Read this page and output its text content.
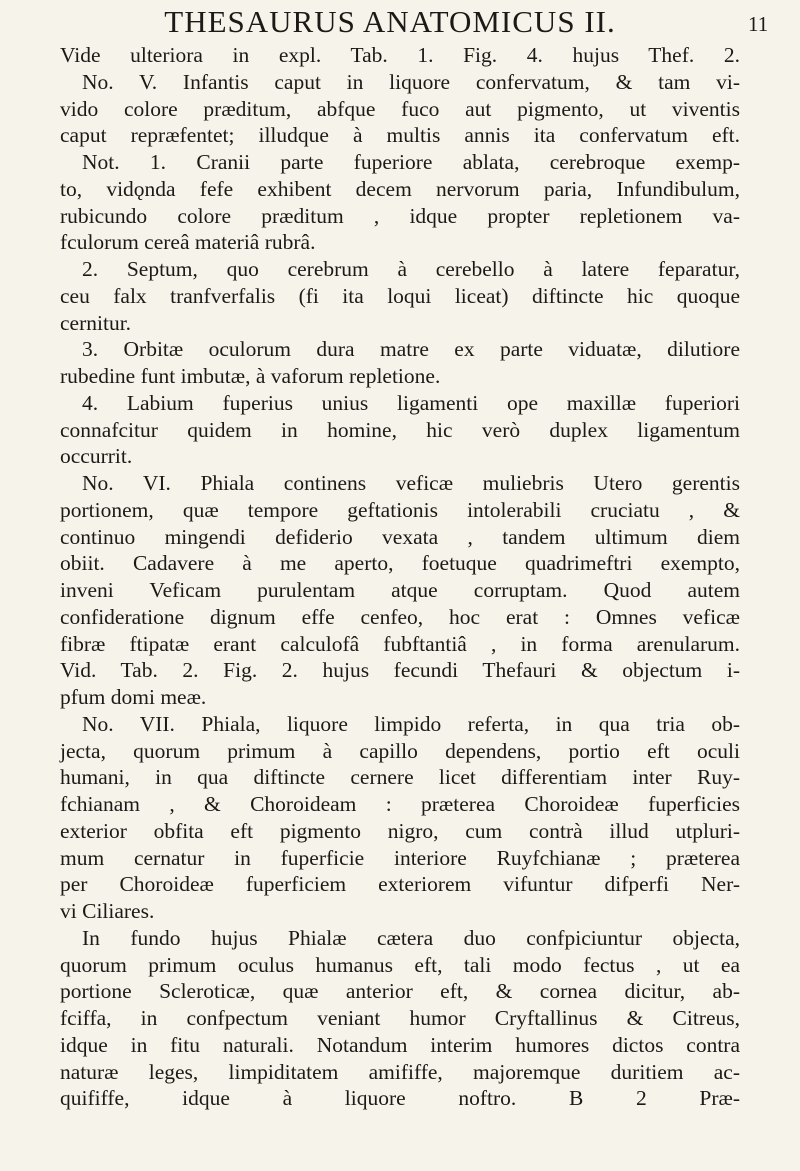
THESAURUS ANATOMICUS II.	11
Vide ulteriora in expl. Tab. 1. Fig. 4. hujus Thef. 2.
No. V. Infantis caput in liquore confervatum, & tam vi-
vido colore præditum, abfque fuco aut pigmento, ut viventis
caput repræfentet; illudque à multis annis ita confervatum eft.
Not. 1. Cranii parte fuperiore ablata, cerebroque exemp-
to, vidǫnda fefe exhibent decem nervorum paria, Infundibulum,
rubicundo colore præditum , idque propter repletionem va-
fculorum cereâ materiâ rubrâ.
2. Septum, quo cerebrum à cerebello à latere feparatur,
ceu falx tranfverfalis (fi ita loqui liceat) diftincte hic quoque
cernitur.
3. Orbitæ oculorum dura matre ex parte viduatæ, dilutiore
rubedine funt imbutæ, à vaforum repletione.
4. Labium fuperius unius ligamenti ope maxillæ fuperiori
connafcitur quidem in homine, hic verò duplex ligamentum
occurrit.
No. VI. Phiala continens veficæ muliebris Utero gerentis
portionem, quæ tempore geftationis intolerabili cruciatu , &
continuo mingendi defiderio vexata , tandem ultimum diem
obiit. Cadavere à me aperto, foetuque quadrimeftri exempto,
inveni Veficam purulentam atque corruptam. Quod autem
confideratione dignum effe cenfeo, hoc erat : Omnes veficæ
fibræ ftipatæ erant calculofâ fubftantiâ , in forma arenularum.
Vid. Tab. 2. Fig. 2. hujus fecundi Thefauri & objectum i-
pfum domi meæ.
No. VII. Phiala, liquore limpido referta, in qua tria ob-
jecta, quorum primum à capillo dependens, portio eft oculi
humani, in qua diftincte cernere licet differentiam inter Ruy-
fchianam , & Choroideam : præterea Choroideæ fuperficies
exterior obfita eft pigmento nigro, cum contrà illud utpluri-
mum cernatur in fuperficie interiore Ruyfchianæ ; præterea
per Choroideæ fuperficiem exteriorem vifuntur difperfi Ner-
vi Ciliares.
In fundo hujus Phialæ cætera duo confpiciuntur objecta,
quorum primum oculus humanus eft, tali modo fectus , ut ea
portione Scleroticæ, quæ anterior eft, & cornea dicitur, ab-
fciffa, in confpectum veniant humor Cryftallinus & Citreus,
idque in fitu naturali. Notandum interim humores dictos contra
naturæ leges, limpiditatem amififfe, majoremque duritiem ac-
quififfe, idque à liquore noftro. B 2 Præ-
